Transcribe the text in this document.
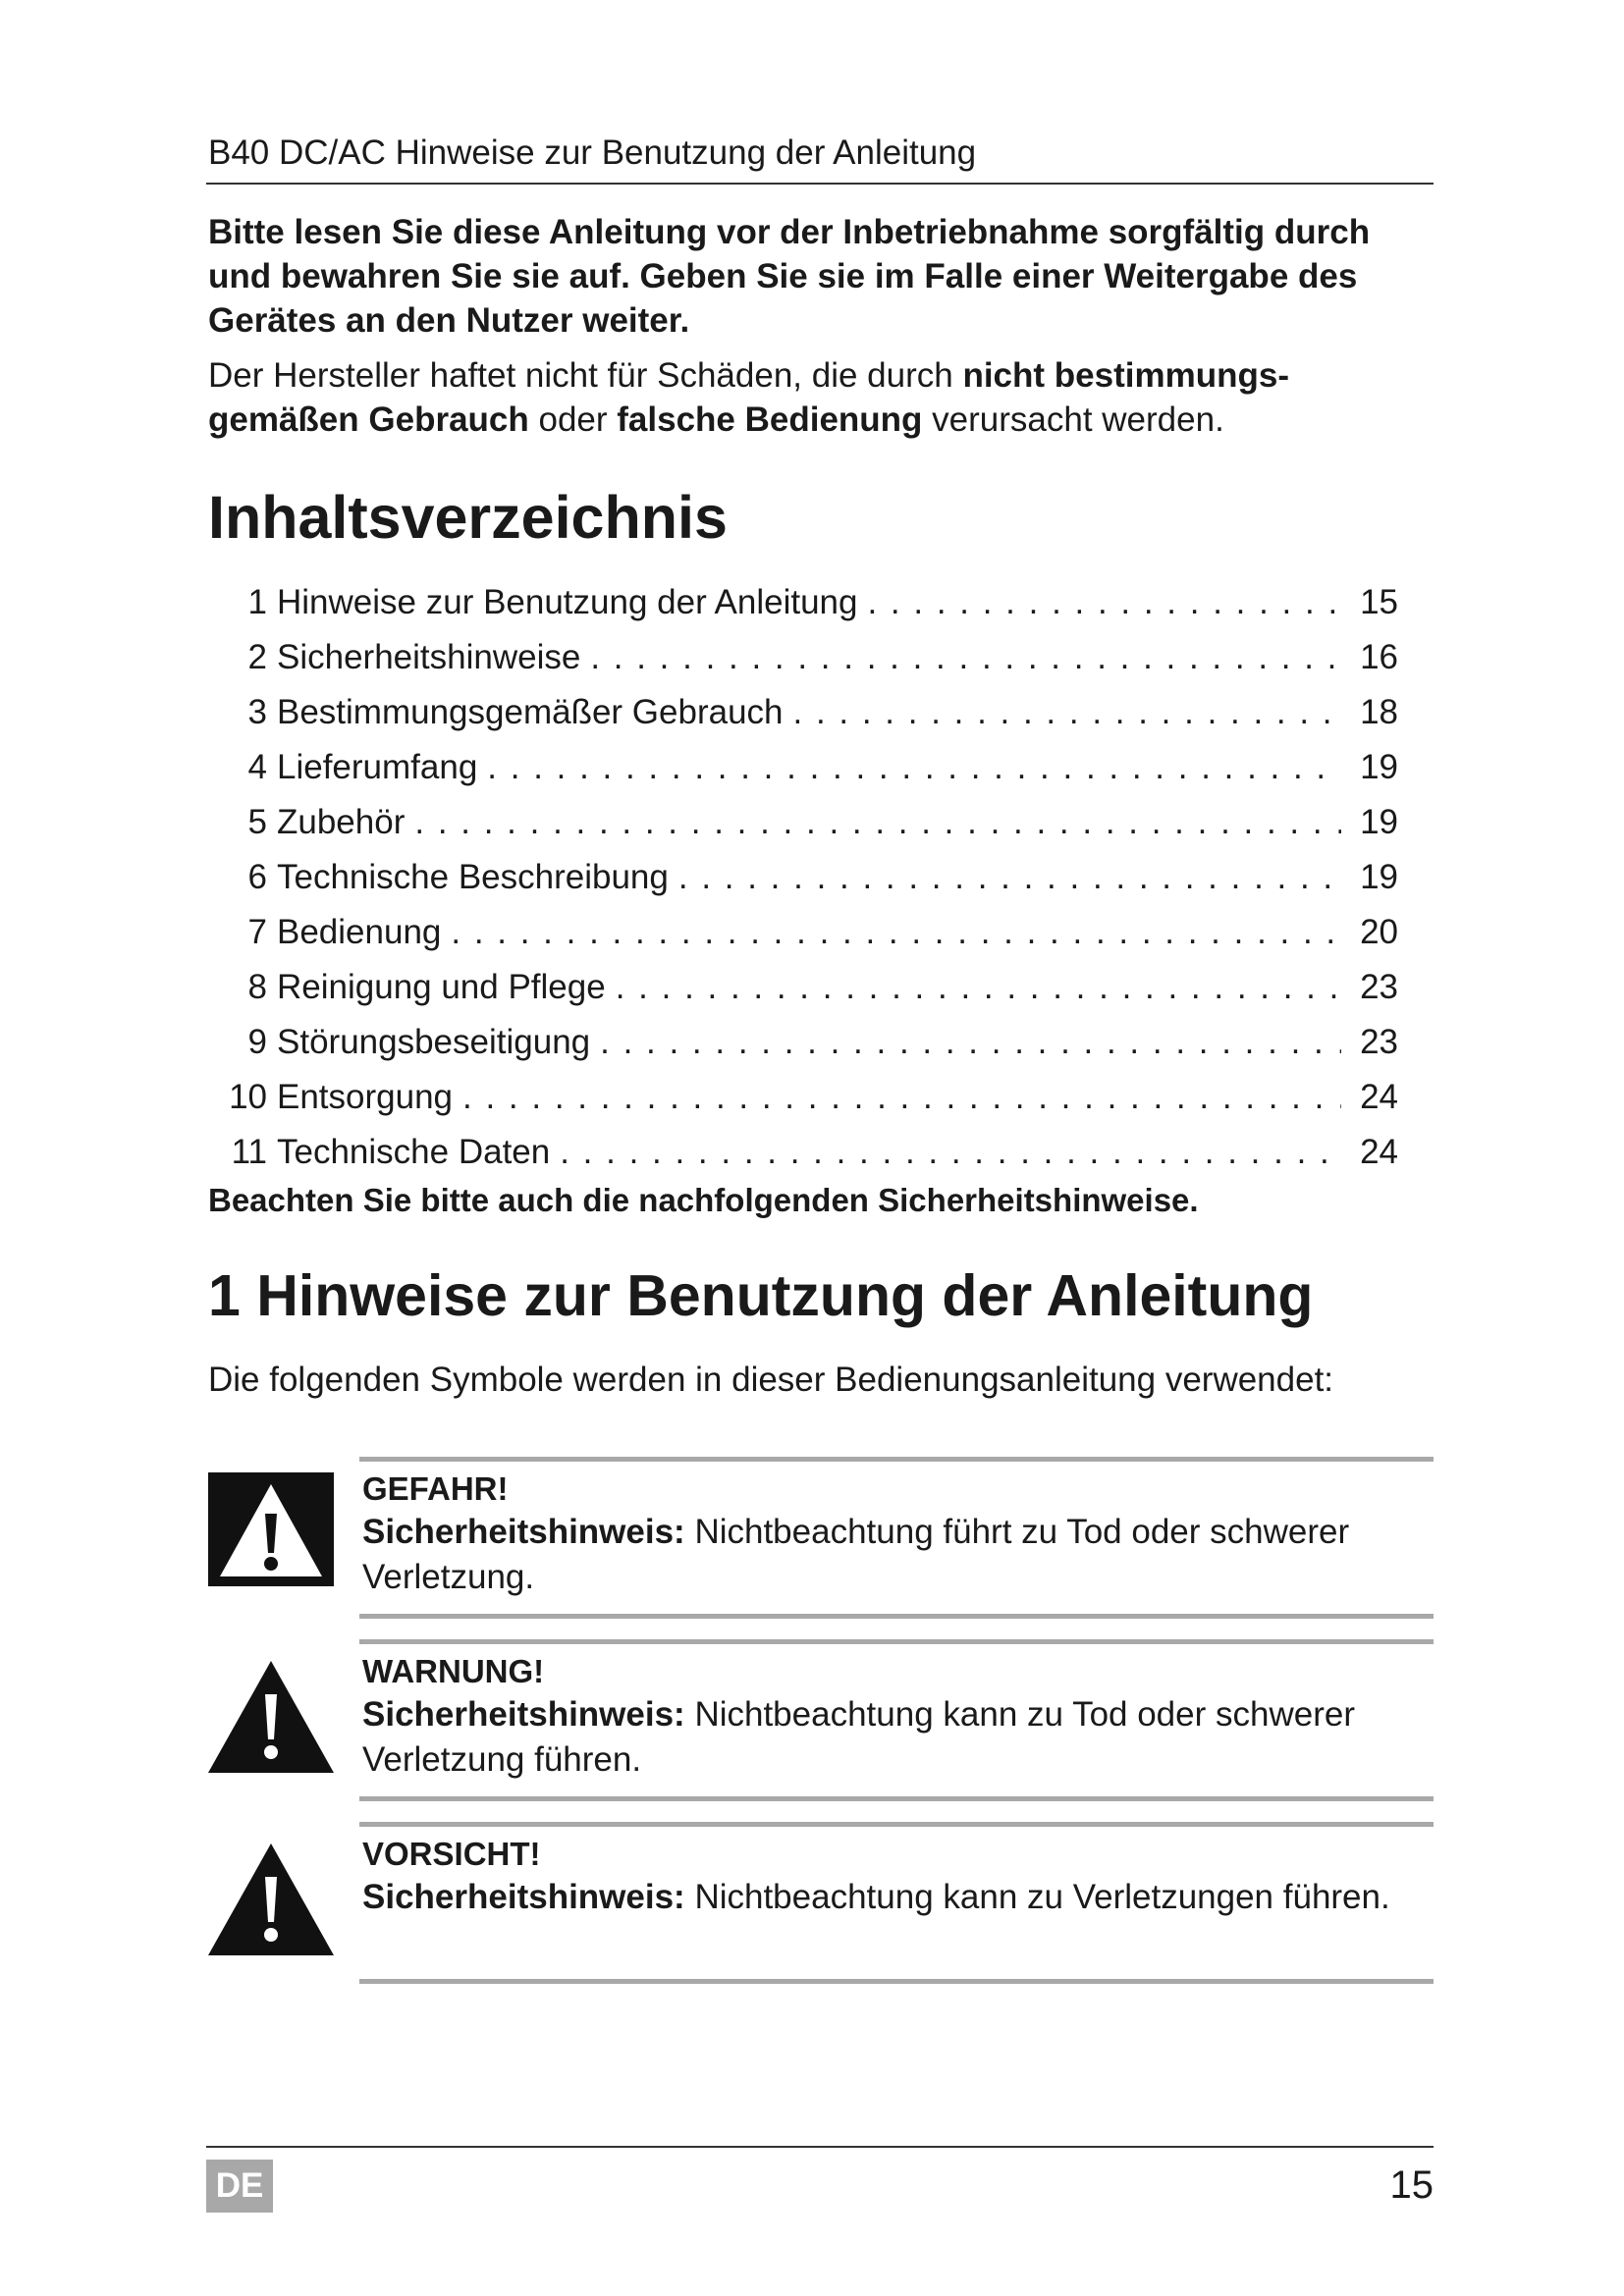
B40 DC/AC Hinweise zur Benutzung der Anleitung
Bitte lesen Sie diese Anleitung vor der Inbetriebnahme sorgfältig durch und bewahren Sie sie auf. Geben Sie sie im Falle einer Weitergabe des Gerätes an den Nutzer weiter.
Der Hersteller haftet nicht für Schäden, die durch nicht bestimmungs-gemäßen Gebrauch oder falsche Bedienung verursacht werden.
Inhaltsverzeichnis
1 Hinweise zur Benutzung der Anleitung . . .	15
2 Sicherheitshinweise . . .	16
3 Bestimmungsgemäßer Gebrauch . . .	18
4 Lieferumfang . . .	19
5 Zubehör . . .	19
6 Technische Beschreibung . . .	19
7 Bedienung . . .	20
8 Reinigung und Pflege . . .	23
9 Störungsbeseitigung . . .	23
10 Entsorgung . . .	24
11 Technische Daten . . .	24
Beachten Sie bitte auch die nachfolgenden Sicherheitshinweise.
1 Hinweise zur Benutzung der Anleitung
Die folgenden Symbole werden in dieser Bedienungsanleitung verwendet:
GEFAHR!
Sicherheitshinweis: Nichtbeachtung führt zu Tod oder schwerer Verletzung.
WARNUNG!
Sicherheitshinweis: Nichtbeachtung kann zu Tod oder schwerer Verletzung führen.
VORSICHT!
Sicherheitshinweis: Nichtbeachtung kann zu Verletzungen führen.
DE	15
